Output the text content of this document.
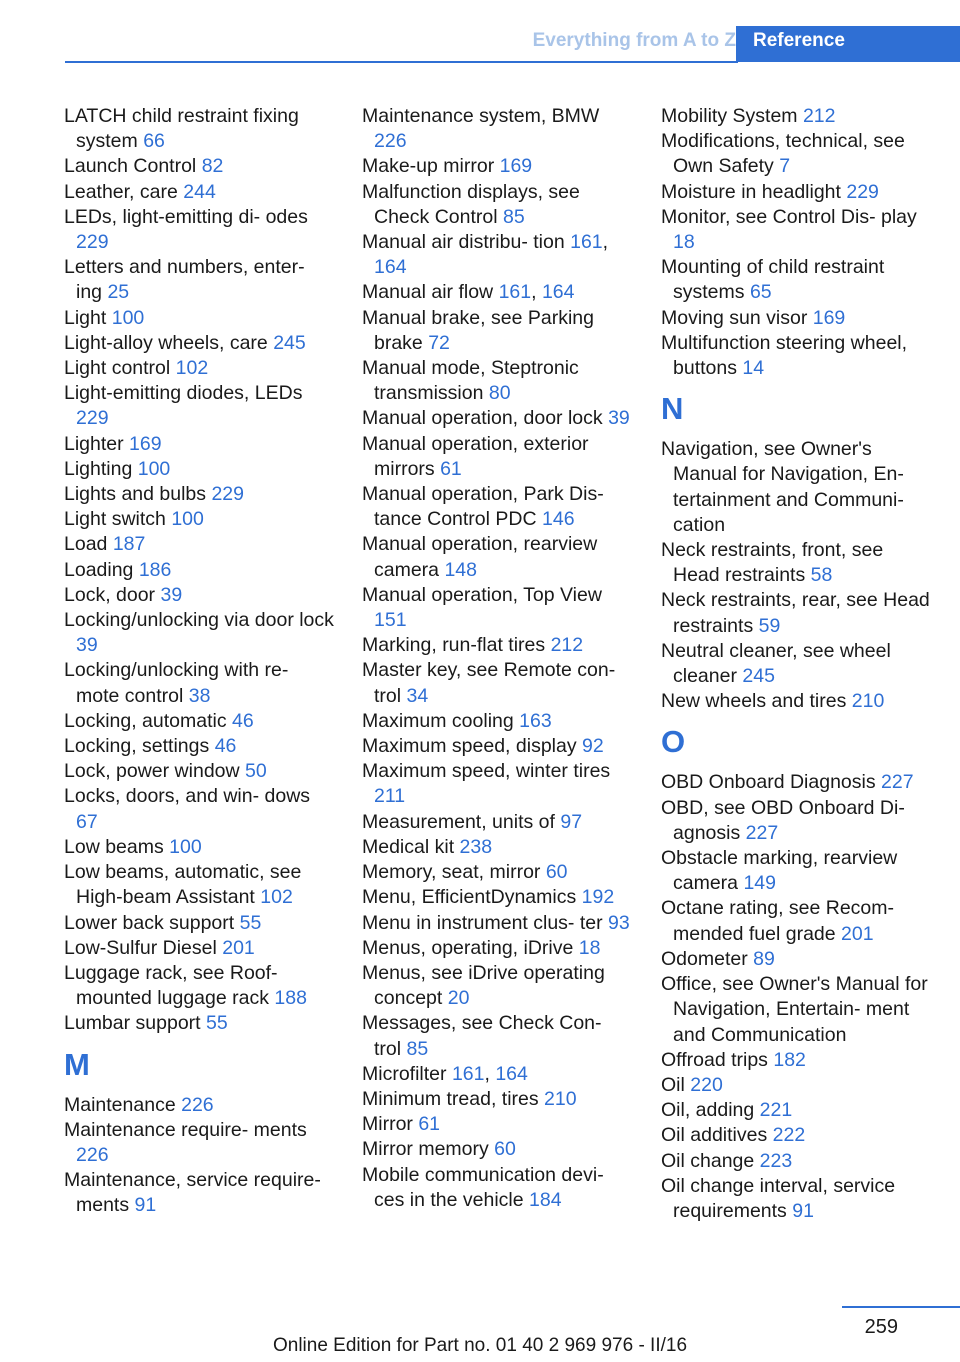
Everything from A to Z Reference
LATCH child restraint fixing system 66
Launch Control 82
Leather, care 244
LEDs, light-emitting di- odes 229
Letters and numbers, enter- ing 25
Light 100
Light-alloy wheels, care 245
Light control 102
Light-emitting diodes, LEDs 229
Lighter 169
Lighting 100
Lights and bulbs 229
Light switch 100
Load 187
Loading 186
Lock, door 39
Locking/unlocking via door lock 39
Locking/unlocking with re- mote control 38
Locking, automatic 46
Locking, settings 46
Lock, power window 50
Locks, doors, and win- dows 67
Low beams 100
Low beams, automatic, see High-beam Assistant 102
Lower back support 55
Low-Sulfur Diesel 201
Luggage rack, see Roof- mounted luggage rack 188
Lumbar support 55
M
Maintenance 226
Maintenance require- ments 226
Maintenance, service require- ments 91
Maintenance system, BMW 226
Make-up mirror 169
Malfunction displays, see Check Control 85
Manual air distribu- tion 161, 164
Manual air flow 161, 164
Manual brake, see Parking brake 72
Manual mode, Steptronic transmission 80
Manual operation, door lock 39
Manual operation, exterior mirrors 61
Manual operation, Park Dis- tance Control PDC 146
Manual operation, rearview camera 148
Manual operation, Top View 151
Marking, run-flat tires 212
Master key, see Remote con- trol 34
Maximum cooling 163
Maximum speed, display 92
Maximum speed, winter tires 211
Measurement, units of 97
Medical kit 238
Memory, seat, mirror 60
Menu, EfficientDynamics 192
Menu in instrument clus- ter 93
Menus, operating, iDrive 18
Menus, see iDrive operating concept 20
Messages, see Check Con- trol 85
Microfilter 161, 164
Minimum tread, tires 210
Mirror 61
Mirror memory 60
Mobile communication devi- ces in the vehicle 184
Mobility System 212
Modifications, technical, see Own Safety 7
Moisture in headlight 229
Monitor, see Control Dis- play 18
Mounting of child restraint systems 65
Moving sun visor 169
Multifunction steering wheel, buttons 14
N
Navigation, see Owner's Manual for Navigation, En- tertainment and Communi- cation
Neck restraints, front, see Head restraints 58
Neck restraints, rear, see Head restraints 59
Neutral cleaner, see wheel cleaner 245
New wheels and tires 210
O
OBD Onboard Diagnosis 227
OBD, see OBD Onboard Di- agnosis 227
Obstacle marking, rearview camera 149
Octane rating, see Recom- mended fuel grade 201
Odometer 89
Office, see Owner's Manual for Navigation, Entertain- ment and Communication
Offroad trips 182
Oil 220
Oil, adding 221
Oil additives 222
Oil change 223
Oil change interval, service requirements 91
259
Online Edition for Part no. 01 40 2 969 976 - II/16
